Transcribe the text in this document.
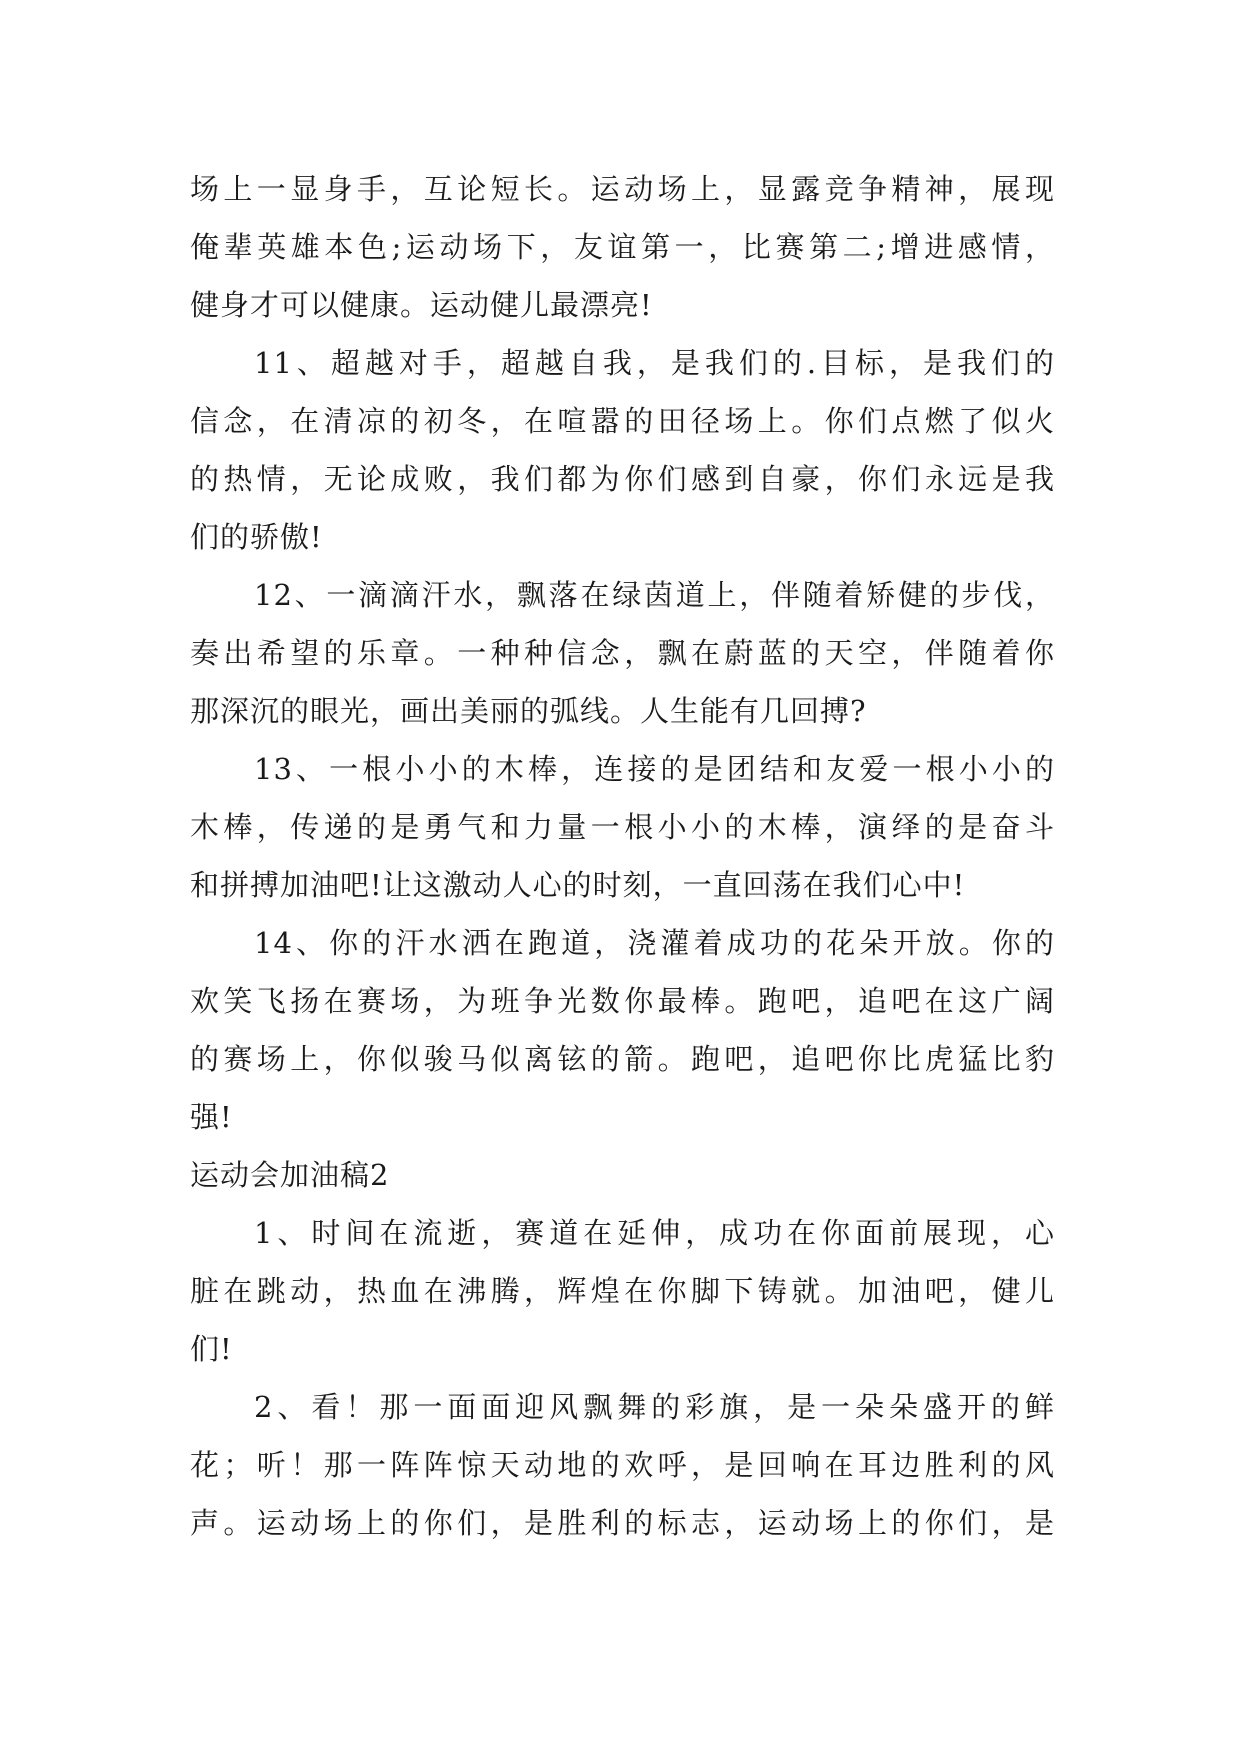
场上一显身手，互论短长。运动场上，显露竞争精神，展现
俺辈英雄本色;运动场下，友谊第一，比赛第二;增进感情，
健身才可以健康。运动健儿最漂亮!
11、超越对手，超越自我，是我们的.目标，是我们的
信念，在清凉的初冬，在喧嚣的田径场上。你们点燃了似火
的热情，无论成败，我们都为你们感到自豪，你们永远是我
们的骄傲!
12、一滴滴汗水，飘落在绿茵道上，伴随着矫健的步伐，
奏出希望的乐章。一种种信念，飘在蔚蓝的天空，伴随着你
那深沉的眼光，画出美丽的弧线。人生能有几回搏?
13、一根小小的木棒，连接的是团结和友爱一根小小的
木棒，传递的是勇气和力量一根小小的木棒，演绎的是奋斗
和拼搏加油吧!让这激动人心的时刻，一直回荡在我们心中!
14、你的汗水洒在跑道，浇灌着成功的花朵开放。你的
欢笑飞扬在赛场，为班争光数你最棒。跑吧，追吧在这广阔
的赛场上，你似骏马似离铉的箭。跑吧，追吧你比虎猛比豹
强!
运动会加油稿2
1、时间在流逝，赛道在延伸，成功在你面前展现，心
脏在跳动，热血在沸腾，辉煌在你脚下铸就。加油吧，健儿
们!
2、看！那一面面迎风飘舞的彩旗，是一朵朵盛开的鲜
花；听！那一阵阵惊天动地的欢呼，是回响在耳边胜利的风
声。运动场上的你们，是胜利的标志，运动场上的你们，是
